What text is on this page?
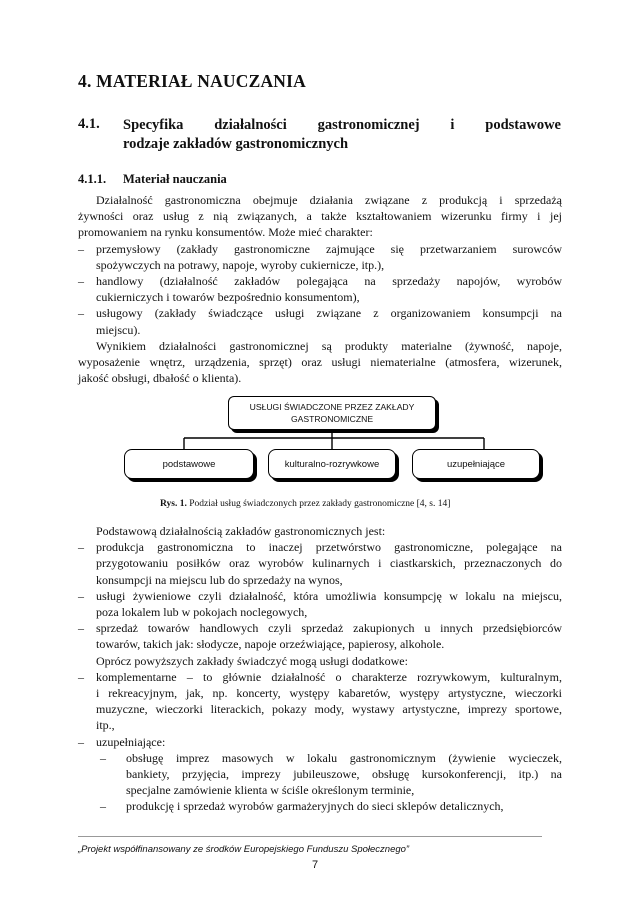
4. MATERIAŁ NAUCZANIA
4.1. Specyfika działalności gastronomicznej i podstawowe
rodzaje zakładów gastronomicznych
4.1.1. Materiał nauczania
Działalność gastronomiczna obejmuje działania związane z produkcją i sprzedażą
żywności oraz usług z nią związanych, a także kształtowaniem wizerunku firmy i jej
promowaniem na rynku konsumentów. Może mieć charakter:
– przemysłowy (zakłady gastronomiczne zajmujące się przetwarzaniem surowców
spożywczych na potrawy, napoje, wyroby cukiernicze, itp.),
– handlowy (działalność zakładów polegająca na sprzedaży napojów, wyrobów
cukierniczych i towarów bezpośrednio konsumentom),
– usługowy (zakłady świadczące usługi związane z organizowaniem konsumpcji na
miejscu).
Wynikiem działalności gastronomicznej są produkty materialne (żywność, napoje,
wyposażenie wnętrz, urządzenia, sprzęt) oraz usługi niematerialne (atmosfera, wizerunek,
jakość obsługi, dbałość o klienta).
USŁUGI ŚWIADCZONE PRZEZ ZAKŁADY
GASTRONOMICZNE
podstawowe	kulturalno-rozrywkowe	uzupełniające
Rys. 1. Podział usług świadczonych przez zakłady gastronomiczne [4, s. 14]
Podstawową działalnością zakładów gastronomicznych jest:
– produkcja gastronomiczna to inaczej przetwórstwo gastronomiczne, polegające na
przygotowaniu posiłków oraz wyrobów kulinarnych i ciastkarskich, przeznaczonych do
konsumpcji na miejscu lub do sprzedaży na wynos,
– usługi żywieniowe czyli działalność, która umożliwia konsumpcję w lokalu na miejscu,
poza lokalem lub w pokojach noclegowych,
– sprzedaż towarów handlowych czyli sprzedaż zakupionych u innych przedsiębiorców
towarów, takich jak: słodycze, napoje orzeźwiające, papierosy, alkohole.
Oprócz powyższych zakłady świadczyć mogą usługi dodatkowe:
– komplementarne – to głównie działalność o charakterze rozrywkowym, kulturalnym,
i rekreacyjnym, jak, np. koncerty, występy kabaretów, występy artystyczne, wieczorki
muzyczne, wieczorki literackich, pokazy mody, wystawy artystyczne, imprezy sportowe,
itp.,
– uzupełniające:
– obsługę imprez masowych w lokalu gastronomicznym (żywienie wycieczek,
bankiety, przyjęcia, imprezy jubileuszowe, obsługę kursokonferencji, itp.) na
specjalne zamówienie klienta w ściśle określonym terminie,
– produkcję i sprzedaż wyrobów garmażeryjnych do sieci sklepów detalicznych,
„Projekt współfinansowany ze środków Europejskiego Funduszu Społecznego”
7
